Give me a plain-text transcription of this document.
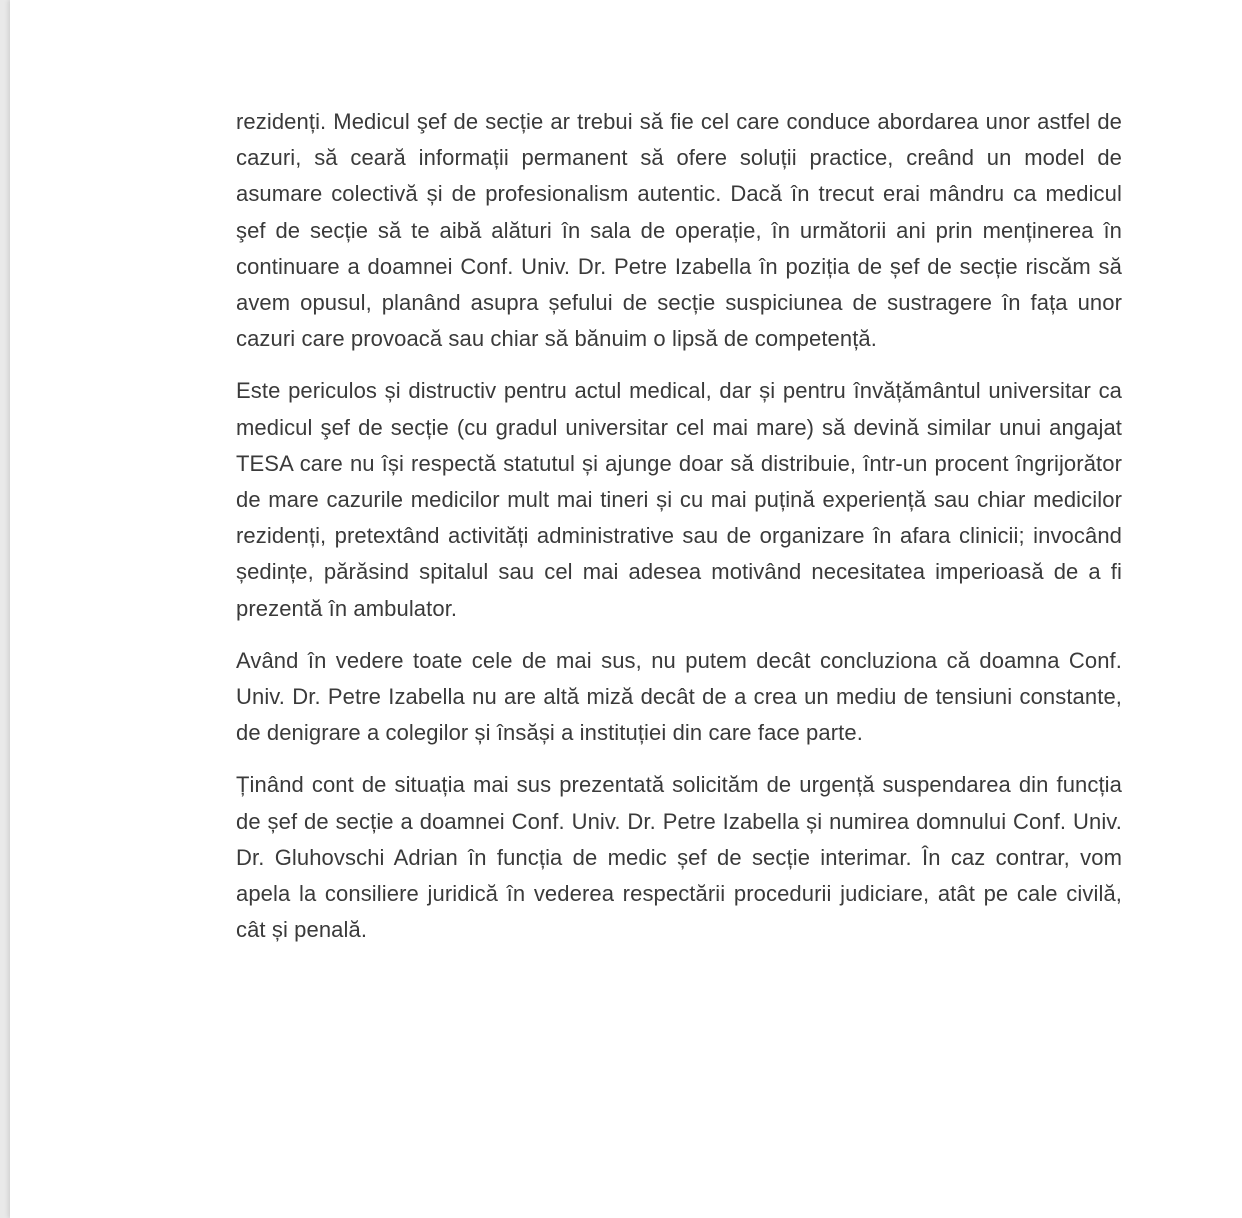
rezidenți. Medicul şef de secție ar trebui să fie cel care conduce abordarea unor astfel de cazuri, să ceară informații permanent să ofere soluții practice, creând un model de asumare colectivă și de profesionalism autentic. Dacă în trecut erai mândru ca medicul şef de secție să te aibă alături în sala de operație, în următorii ani prin menținerea în continuare a doamnei Conf. Univ. Dr. Petre Izabella în poziția de șef de secție riscăm să avem opusul, planând asupra șefului de secție suspiciunea de sustragere în fața unor cazuri care provoacă sau chiar să bănuim o lipsă de competență.

Este periculos și distructiv pentru actul medical, dar și pentru învățământul universitar ca medicul şef de secție (cu gradul universitar cel mai mare) să devină similar unui angajat TESA care nu își respectă statutul și ajunge doar să distribuie, într-un procent îngrijorător de mare cazurile medicilor mult mai tineri și cu mai puțină experiență sau chiar medicilor rezidenți, pretextând activități administrative sau de organizare în afara clinicii; invocând ședințe, părăsind spitalul sau cel mai adesea motivând necesitatea imperioasă de a fi prezentă în ambulator.

Având în vedere toate cele de mai sus, nu putem decât concluziona că doamna Conf. Univ. Dr. Petre Izabella nu are altă miză decât de a crea un mediu de tensiuni constante, de denigrare a colegilor și însăși a instituției din care face parte.

Ținând cont de situația mai sus prezentată solicităm de urgență suspendarea din funcția de șef de secție a doamnei Conf. Univ. Dr. Petre Izabella și numirea domnului Conf. Univ. Dr. Gluhovschi Adrian în funcția de medic șef de secție interimar. În caz contrar, vom apela la consiliere juridică în vederea respectării procedurii judiciare, atât pe cale civilă, cât și penală.
